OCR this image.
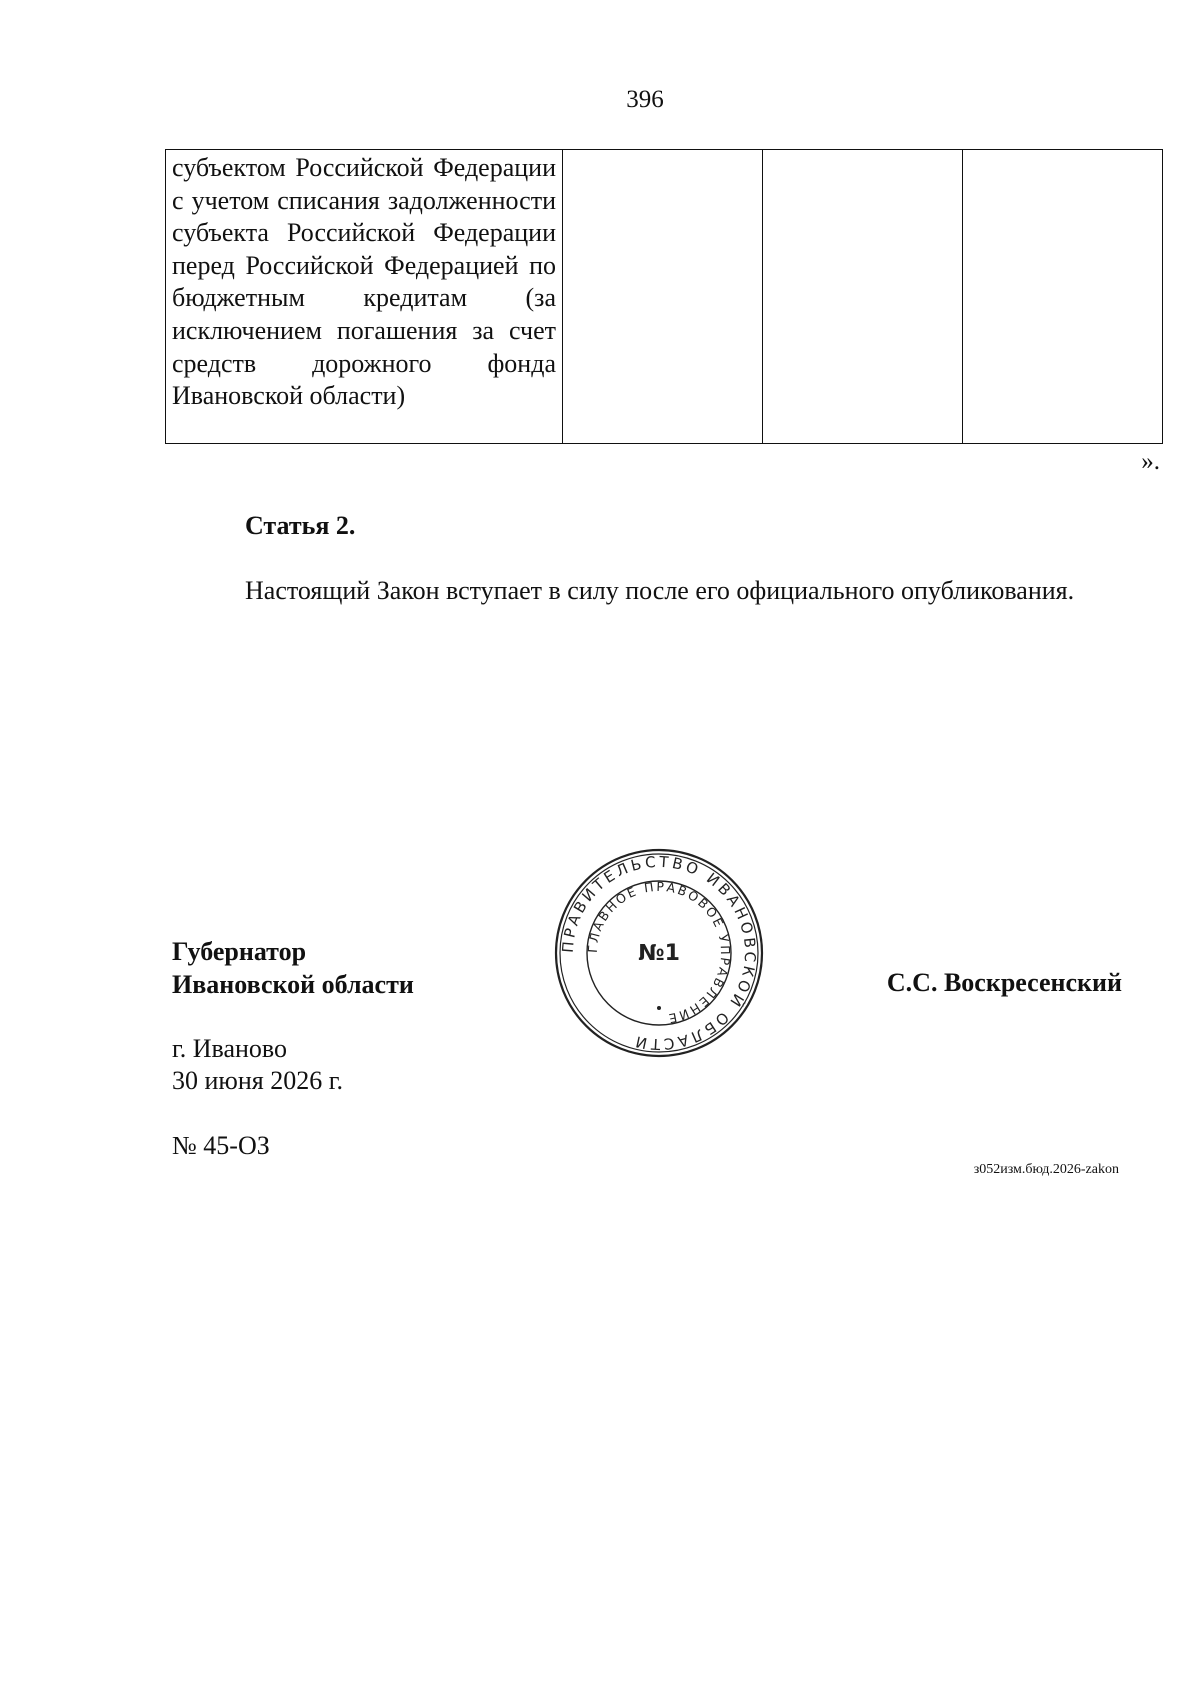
396
субъектом Российской Федерации с учетом списания задолженности субъекта Российской Федерации перед Российской Федерацией по бюджетным кредитам (за исключением погашения за счет средств дорожного фонда Ивановской области)

».
Статья 2.
Настоящий Закон вступает в силу после его официального опубликования.
Губернатор
Ивановской области	С.С. Воскресенский
ПРАВИТЕЛЬСТВО ИВАНОВСКОЙ ОБЛАСТИ
ГЛАВНОЕ ПРАВОВОЕ УПРАВЛЕНИЕ
№1
г. Иваново
30 июня 2026 г.
№ 45-ОЗ
з052изм.бюд.2026-zakon
